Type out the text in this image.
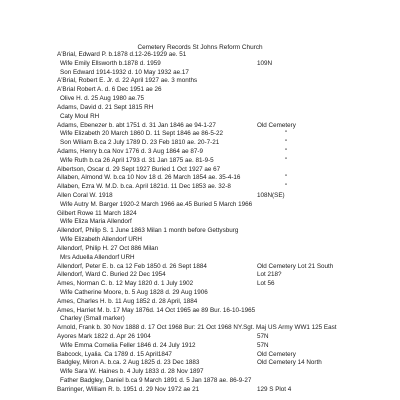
Cemetery Records St Johns Reform Church
A'Brial, Edward P. b.1878 d.12-26-1929 ae. 51
Wife Emily Ellsworth b.1878 d. 1959	109N
Son Edward 1914-1932 d. 10 May 1932 ae.17
A'Brial, Robert E. Jr. d. 22 April 1927 ae. 3 months
A'Brial Robert A. d. 6 Dec 1951 ae 26
Olive H. d. 25 Aug 1980 ae.75
Adams, David d. 21 Sept 1815 RH
Caty Moul RH
Adams, Ebenezer b. abt 1751 d. 31 Jan 1846 ae 94-1-27	Old Cemetery
Wife Elizabeth 20 March 1860 D. 11 Sept 1846 ae 86-5-22	"
Son Wiliam B.ca 2 July 1789 D. 23 Feb 1810 ae. 20-7-21	"
Adams, Henry b.ca Nov 1776 d. 3 Aug 1864 ae 87-9	"
Wife Ruth b.ca 26 April 1793 d. 31 Jan 1875 ae. 81-9-5	"
Albertson, Oscar d. 29 Sept 1927 Buried 1 Oct 1927 ae 67
Allaben, Almond W. b.ca 10 Nov 18 d. 26 March 1854 ae. 35-4-16	"
Allaben, Ezra W. M.D. b.ca. April 1821d. 11 Dec 1853 ae. 32-8	"
Allen Coral W. 1918	108N(SE)
Wife Autry M. Barger 1920-2 March 1966 ae.45 Buried 5 March 1966
Gilbert Rowe 11 March 1824
Wife Eliza Maria Allendorf
Allendorf, Philip S. 1 June 1863 Milan 1 month before Gettysburg
Wife Elizabeth Allendorf URH
Allendorf, Philip H. 27 Oct 886 Milan
Mrs Aduella Allendorf URH
Allendorf, Peter E. b. ca 12 Feb 1850 d. 26 Sept 1884	Old Cemetery Lot 21 South
Allendorf, Ward C. Buried 22 Dec 1954	Lot 218?
Ames, Norman C. b. 12 May 1820 d. 1 July 1902	Lot 56
Wife Catherine Moore, b. 5 Aug 1828 d. 29 Aug 1906
Ames, Charles H. b. 11 Aug 1852 d. 28 April, 1884
Ames, Harriet M. b. 17 May 1876d. 14 Oct 1965 ae 89 Bur. 16-10-1965
Charley (Small marker)
Arnold, Frank b. 30 Nov 1888 d. 17 Oct 1968 Bur: 21 Oct 1968 NY.Sgt. Maj US Army WW1 125 East
Ayores Mark 1822 d. Apr 26 1904	57N
Wife Emma Cornelia Feller 1846 d. 24 July 1912	57N
Babcock, Lyalia. Ca 1789 d. 15 April1847	Old Cemetery
Badgley, Miron A. b.ca. 2 Aug 1825 d. 23 Dec 1883	Old Cemetery 14 North
Wife Sara W. Haines b. 4 July 1833 d. 28 Nov 1897
Father Badgley, Daniel b.ca 9 March 1891 d. 5 Jan 1878 ae. 86-9-27
Barringer, William R. b. 1951 d. 29 Nov 1972 ae 21	129 S Plot 4
